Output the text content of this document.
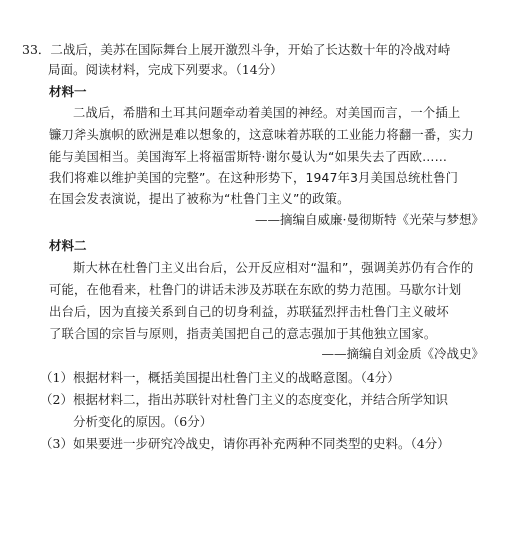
33．二战后，美苏在国际舞台上展开激烈斗争，开始了长达数十年的冷战对峙
局面。阅读材料，完成下列要求。（14分）
材料一
二战后，希腊和土耳其问题牵动着美国的神经。对美国而言，一个插上
镰刀斧头旗帜的欧洲是难以想象的，这意味着苏联的工业能力将翻一番，实力
能与美国相当。美国海军上将福雷斯特·谢尔曼认为“如果失去了西欧……
我们将难以维护美国的完整”。在这种形势下，1947年3月美国总统杜鲁门
在国会发表演说，提出了被称为“杜鲁门主义”的政策。
——摘编自威廉·曼彻斯特《光荣与梦想》
材料二
斯大林在杜鲁门主义出台后，公开反应相对“温和”，强调美苏仍有合作的
可能，在他看来，杜鲁门的讲话未涉及苏联在东欧的势力范围。马歇尔计划
出台后，因为直接关系到自己的切身利益，苏联猛烈抨击杜鲁门主义破坏
了联合国的宗旨与原则，指责美国把自己的意志强加于其他独立国家。
——摘编自刘金质《冷战史》
（1）根据材料一，概括美国提出杜鲁门主义的战略意图。（4分）
（2）根据材料二，指出苏联针对杜鲁门主义的态度变化，并结合所学知识
分析变化的原因。（6分）
（3）如果要进一步研究冷战史，请你再补充两种不同类型的史料。（4分）
